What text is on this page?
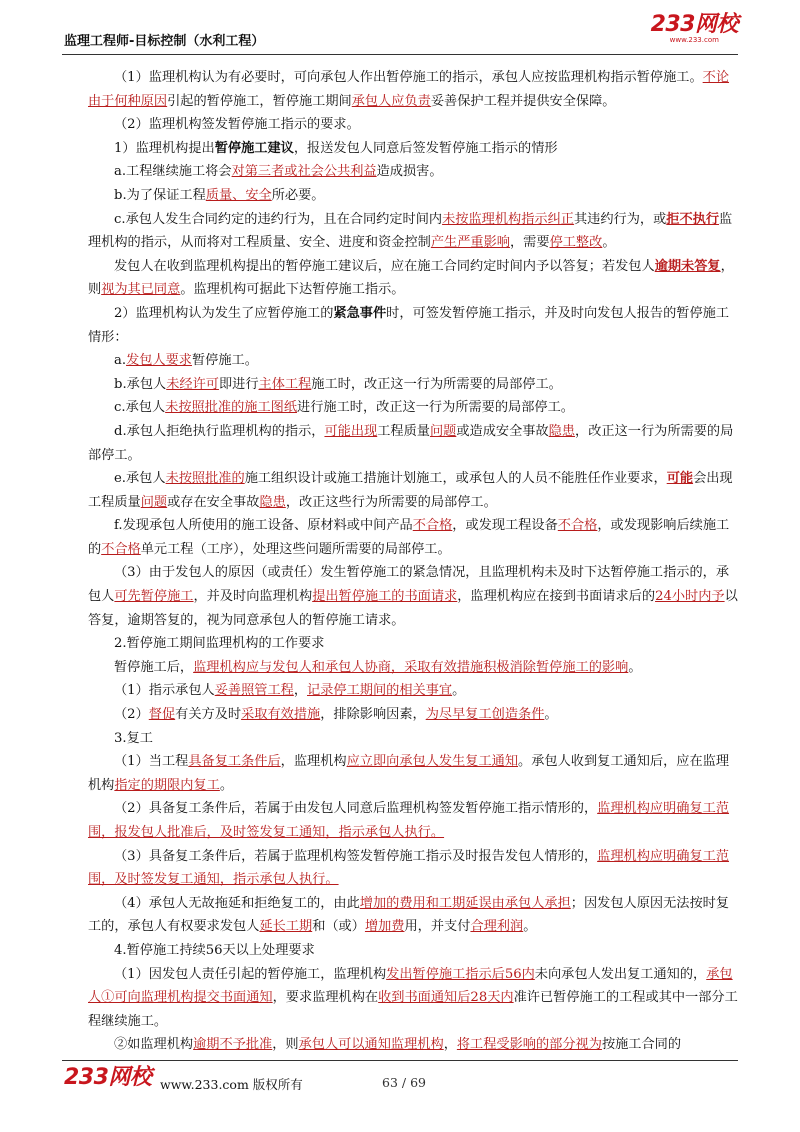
监理工程师-目标控制（水利工程）
233网校
www.233.com

（1）监理机构认为有必要时，可向承包人作出暂停施工的指示，承包人应按监理机构指示暂停施工。不论由于何种原因引起的暂停施工，暂停施工期间承包人应负责妥善保护工程并提供安全保障。

（2）监理机构签发暂停施工指示的要求。

1）监理机构提出暂停施工建议，报送发包人同意后签发暂停施工指示的情形

a.工程继续施工将会对第三者或社会公共利益造成损害。

b.为了保证工程质量、安全所必要。

c.承包人发生合同约定的违约行为，且在合同约定时间内未按监理机构指示纠正其违约行为，或拒不执行监理机构的指示，从而将对工程质量、安全、进度和资金控制产生严重影响，需要停工整改。

发包人在收到监理机构提出的暂停施工建议后，应在施工合同约定时间内予以答复；若发包人逾期未答复，则视为其已同意。监理机构可据此下达暂停施工指示。

2）监理机构认为发生了应暂停施工的紧急事件时，可签发暂停施工指示，并及时向发包人报告的暂停施工情形：

a.发包人要求暂停施工。

b.承包人未经许可即进行主体工程施工时，改正这一行为所需要的局部停工。

c.承包人未按照批准的施工图纸进行施工时，改正这一行为所需要的局部停工。

d.承包人拒绝执行监理机构的指示，可能出现工程质量问题或造成安全事故隐患，改正这一行为所需要的局部停工。

e.承包人未按照批准的施工组织设计或施工措施计划施工，或承包人的人员不能胜任作业要求，可能会出现工程质量问题或存在安全事故隐患，改正这些行为所需要的局部停工。

f.发现承包人所使用的施工设备、原材料或中间产品不合格，或发现工程设备不合格，或发现影响后续施工的不合格单元工程（工序），处理这些问题所需要的局部停工。

（3）由于发包人的原因（或责任）发生暂停施工的紧急情况，且监理机构未及时下达暂停施工指示的，承包人可先暂停施工，并及时向监理机构提出暂停施工的书面请求，监理机构应在接到书面请求后的24小时内予以答复，逾期答复的，视为同意承包人的暂停施工请求。

2.暂停施工期间监理机构的工作要求

暂停施工后，监理机构应与发包人和承包人协商，采取有效措施积极消除暂停施工的影响。

（1）指示承包人妥善照管工程，记录停工期间的相关事宜。

（2）督促有关方及时采取有效措施，排除影响因素，为尽早复工创造条件。

3.复工

（1）当工程具备复工条件后，监理机构应立即向承包人发生复工通知。承包人收到复工通知后，应在监理机构指定的期限内复工。

（2）具备复工条件后，若属于由发包人同意后监理机构签发暂停施工指示情形的，监理机构应明确复工范围，报发包人批准后，及时签发复工通知，指示承包人执行。

（3）具备复工条件后，若属于监理机构签发暂停施工指示及时报告发包人情形的，监理机构应明确复工范围，及时签发复工通知，指示承包人执行。

（4）承包人无故拖延和拒绝复工的，由此增加的费用和工期延误由承包人承担；因发包人原因无法按时复工的，承包人有权要求发包人延长工期和（或）增加费用，并支付合理利润。

4.暂停施工持续56天以上处理要求

（1）因发包人责任引起的暂停施工，监理机构发出暂停施工指示后56内未向承包人发出复工通知的，承包人①可向监理机构提交书面通知，要求监理机构在收到书面通知后28天内准许已暂停施工的工程或其中一部分工程继续施工。

②如监理机构逾期不予批准，则承包人可以通知监理机构，将工程受影响的部分视为按施工合同的

233网校 www.233.com 版权所有	63 / 69
